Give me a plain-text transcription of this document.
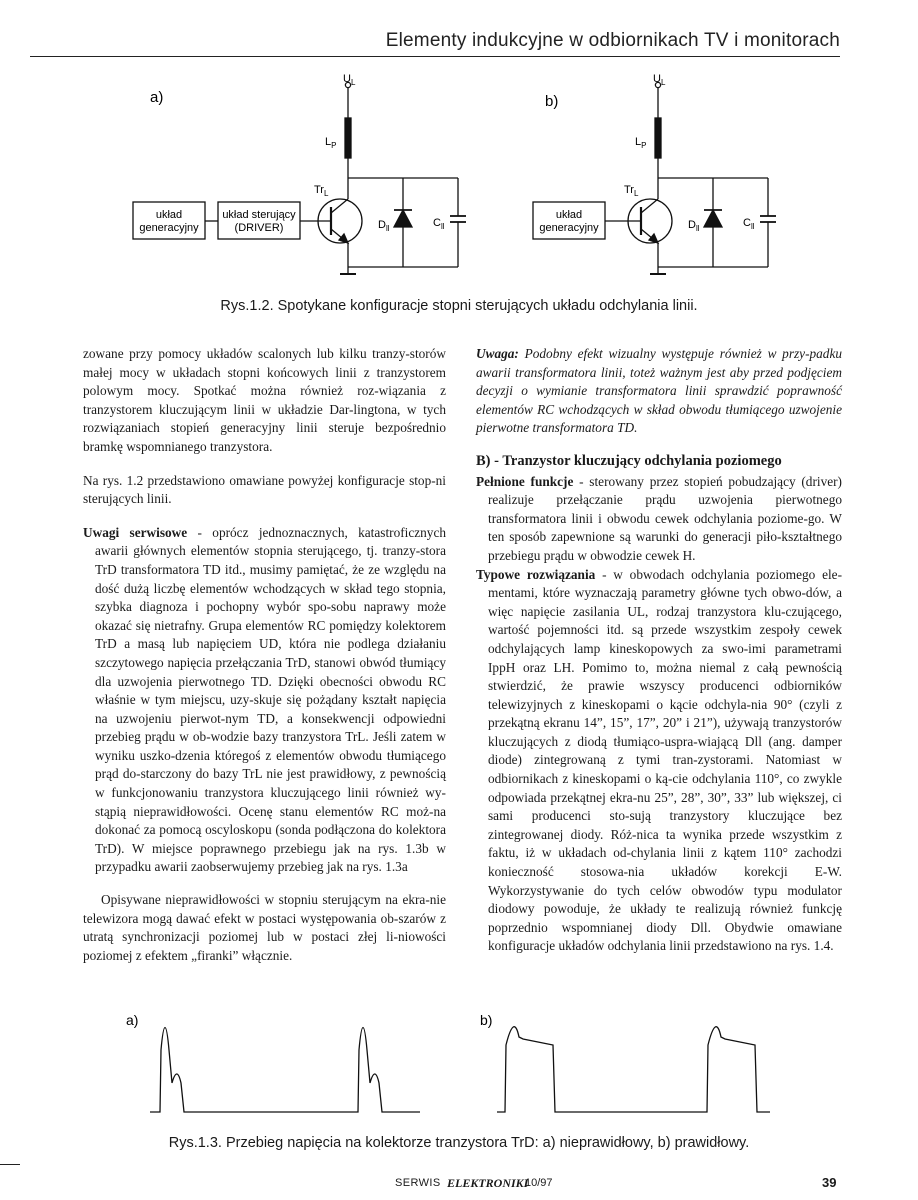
Elementy indukcyjne w odbiornikach TV i monitorach
a)
$U_L$
$L_P$
$Tr_L$
$D_{ll}$	$C_{ll}$
układ
generacyjny
układ sterujący
(DRIVER)
b)
$U_L$
$L_P$
$Tr_L$
$D_{ll}$	$C_{ll}$
układ
generacyjny
Rys.1.2. Spotykane konfiguracje stopni sterujących układu odchylania linii.

zowane przy pomocy układów scalonych lub kilku tranzy-storów małej mocy w układach stopni końcowych linii z tranzystorem polowym mocy. Spotkać można również roz-wiązania z tranzystorem kluczującym linii w układzie Dar-lingtona, w tych rozwiązaniach stopień generacyjny linii steruje bezpośrednio bramkę wspomnianego tranzystora.

Na rys. 1.2 przedstawiono omawiane powyżej konfiguracje stop-ni sterujących linii.

Uwagi serwisowe - oprócz jednoznacznych, katastroficznych awarii głównych elementów stopnia sterującego, tj. tranzy-stora TrD transformatora TD itd., musimy pamiętać, że ze względu na dość dużą liczbę elementów wchodzących w skład tego stopnia, szybka diagnoza i pochopny wybór spo-sobu naprawy może okazać się nietrafny. Grupa elementów RC pomiędzy kolektorem TrD a masą lub napięciem UD, która nie podlega działaniu szczytowego napięcia przełączania TrD, stanowi obwód tłumiący dla uzwojenia pierwotnego TD. Dzięki obecności obwodu RC właśnie w tym miejscu, uzy-skuje się pożądany kształt napięcia na uzwojeniu pierwot-nym TD, a konsekwencji odpowiedni przebieg prądu w ob-wodzie bazy tranzystora TrL. Jeśli zatem w wyniku uszko-dzenia któregoś z elementów obwodu tłumiącego prąd do-starczony do bazy TrL nie jest prawidłowy, z pewnością w funkcjonowaniu tranzystora kluczującego linii również wy-stąpią nieprawidłowości. Ocenę stanu elementów RC moż-na dokonać za pomocą oscyloskopu (sonda podłączona do kolektora TrD). W miejsce poprawnego przebiegu jak na rys. 1.3b w przypadku awarii zaobserwujemy przebieg jak na rys. 1.3a

Opisywane nieprawidłowości w stopniu sterującym na ekra-nie telewizora mogą dawać efekt w postaci występowania ob-szarów z utratą synchronizacji poziomej lub w postaci złej li-niowości poziomej z efektem „firanki” włącznie.

Uwaga: Podobny efekt wizualny występuje również w przy-padku awarii transformatora linii, toteż ważnym jest aby przed podjęciem decyzji o wymianie transformatora linii sprawdzić poprawność elementów RC wchodzących w skład obwodu tłumiącego uzwojenie pierwotne transformatora TD.

B) - Tranzystor kluczujący odchylania poziomego

Pełnione funkcje - sterowany przez stopień pobudzający (driver) realizuje przełączanie prądu uzwojenia pierwotnego transformatora linii i obwodu cewek odchylania poziome-go. W ten sposób zapewnione są warunki do generacji piło-kształtnego przebiegu prądu w obwodzie cewek H.

Typowe rozwiązania - w obwodach odchylania poziomego ele-mentami, które wyznaczają parametry główne tych obwo-dów, a więc napięcie zasilania UL, rodzaj tranzystora klu-czującego, wartość pojemności itd. są przede wszystkim zespoły cewek odchylających lamp kineskopowych za swo-imi parametrami IppH oraz LH. Pomimo to, można niemal z całą pewnością stwierdzić, że prawie wszyscy producenci odbiorników telewizyjnych z kineskopami o kącie odchyla-nia 90° (czyli z przekątną ekranu 14”, 15”, 17”, 20” i 21”), używają tranzystorów kluczujących z diodą tłumiąco-uspra-wiającą Dll (ang. damper diode) zintegrowaną z tymi tran-zystorami. Natomiast w odbiornikach z kineskopami o ką-cie odchylania 110°, co zwykle odpowiada przekątnej ekra-nu 25”, 28”, 30”, 33” lub większej, ci sami producenci sto-sują tranzystory kluczujące bez zintegrowanej diody. Róż-nica ta wynika przede wszystkim z faktu, iż w układach od-chylania linii z kątem 110° zachodzi konieczność stosowa-nia układów korekcji E-W. Wykorzystywanie do tych celów obwodów typu modulator diodowy powoduje, że układy te realizują również funkcję poprzednio wspomnianej diody Dll. Obydwie omawiane konfiguracje układów odchylania linii przedstawiono na rys. 1.4.

a)	b)
Rys.1.3. Przebieg napięcia na kolektorze tranzystora TrD: a) nieprawidłowy, b) prawidłowy.
SERWIS ELEKTRONIKI
10/97	39
